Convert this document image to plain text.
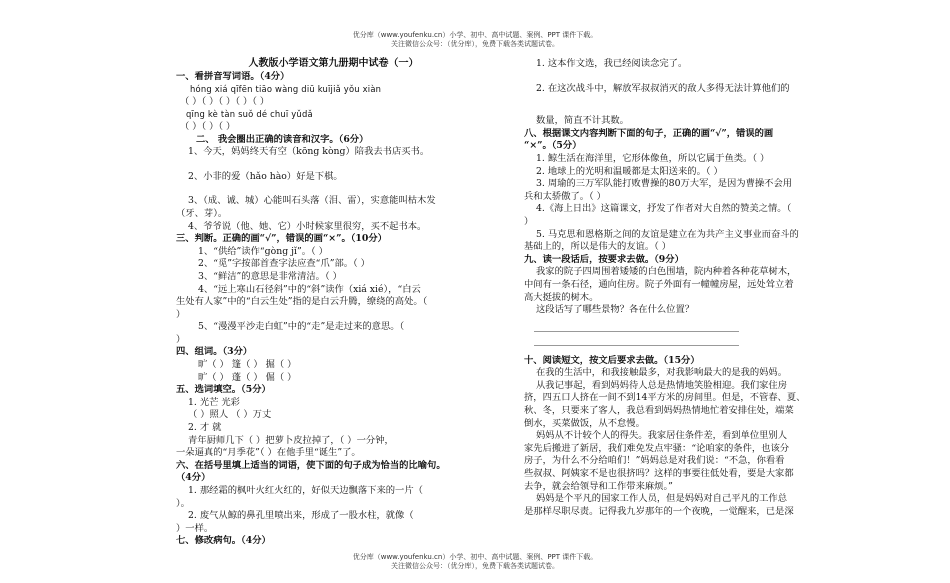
优分库（www.youfenku.cn）小学、初中、高中试题、案例、PPT 课件下载。
关注微信公众号：（优分库），免费下载各类试题试卷。
人教版小学语文第九册期中试卷（一）
一、看拼音写词语。（4分）
hóng xiá qīfēn tiāo wàng diū kuījiǎ yǒu xiàn
（ ）（ ）（ ）（ ）（ ）
qīng kè tàn suǒ dé chuī yǔdǎ
（ ）（ ）（ ）
二、 我会圈出正确的读音和汉字。（6分）
1、今天，妈妈终天有空（kōng kòng）陪我去书店买书。
2、小非的爱（hǎo hào）好是下棋。
3、（成、诚、城）心能叫石头落（泪、雷），实意能叫枯木发
（牙、芽）。
4、爷爷说（他、她、它）小时候家里很穷，买不起书本。
三、判断。正确的画“√”，错误的画“×”。（10分）
1、“供给”读作“gòng jǐ”。（ ）
2、“觅”字按部首查字法应查“爪”部。（ ）
3、“鲜洁”的意思是非常清洁。（ ）
4、“远上寒山石径斜”中的“斜”读作（xiá xié），“白云
生处有人家”中的“白云生处”指的是白云升腾，缭绕的高处。（
）
5、“漫漫平沙走白虹”中的“走”是走过来的意思。（
）
四、组词。（3分）
旷（ ） 篷（ ） 掘（ ）
旷（ ） 蓬（ ） 倔（ ）
五、选词填空。（5分）
1. 光芒 光彩
（ ）照人 （ ）万丈
2. 才 就
青年厨师几下（ ）把萝卜皮拉掉了，（ ）一分钟，
一朵逼真的“月季花”（ ）在他手里“诞生”了。
六、在括号里填上适当的词语，使下面的句子成为恰当的比喻句。
（4分）
1. 那经霜的枫叶火红火红的，好似天边飘落下来的一片（
）。
2. 废气从鲸的鼻孔里喷出来，形成了一股水柱，就像（
）一样。
七、修改病句。（4分）
1. 这本作文选，我已经阅读念完了。
2. 在这次战斗中，解放军叔叔消灭的敌人多得无法计算他们的
数量，简直不计其数。
八、根据课文内容判断下面的句子，正确的画“√”，错误的画
“×”。（5分）
1. 鲸生活在海洋里，它形体像鱼，所以它属于鱼类。（ ）
2. 地球上的光明和温暖都是太阳送来的。（ ）
3. 周瑜的三万军队能打败曹操的80万大军，是因为曹操不会用
兵和太骄傲了。（ ）
4.《海上日出》这篇课文，抒发了作者对大自然的赞美之情。（
）
5. 马克思和恩格斯之间的友谊是建立在为共产主义事业而奋斗的
基础上的，所以是伟大的友谊。（ ）
九、读一段话后，按要求去做。（9分）
我家的院子四周围着矮矮的白色围墙，院内种着各种花草树木，
中间有一条石径，通向住房。院子外面有一幢幢房屋，远处耸立着
高大挺拔的树木。
这段话写了哪些景物？各在什么位置？
十、阅读短文，按文后要求去做。（15分）
在我的生活中，和我接触最多，对我影响最大的是我的妈妈。
从我记事起，看到妈妈待人总是热情地笑脸相迎。我们家住房
挤，四五口人挤在一间不到14平方米的房间里。但是，不管春、夏、
秋、冬，只要来了客人，我总看到妈妈热情地忙着安排住处，端菜
倒水，买菜做饭，从不怠慢。
妈妈从不计较个人的得失。我家居住条件差，看到单位里别人
家先后搬进了新居，我们难免发点牢骚：“论咱家的条件，也该分
房子，为什么不分给咱们！”妈妈总是对我们说：“不急，你看看
些叔叔、阿姨家不是也很挤吗？这样的事要往低处看，要是大家都
去争，就会给领导和工作带来麻烦。”
妈妈是个平凡的国家工作人员，但是妈妈对自己平凡的工作总
是那样尽职尽责。记得我九岁那年的一个夜晚，一觉醒来，已是深
优分库（www.youfenku.cn）小学、初中、高中试题、案例、PPT 课件下载。
关注微信公众号：（优分库），免费下载各类试题试卷。
